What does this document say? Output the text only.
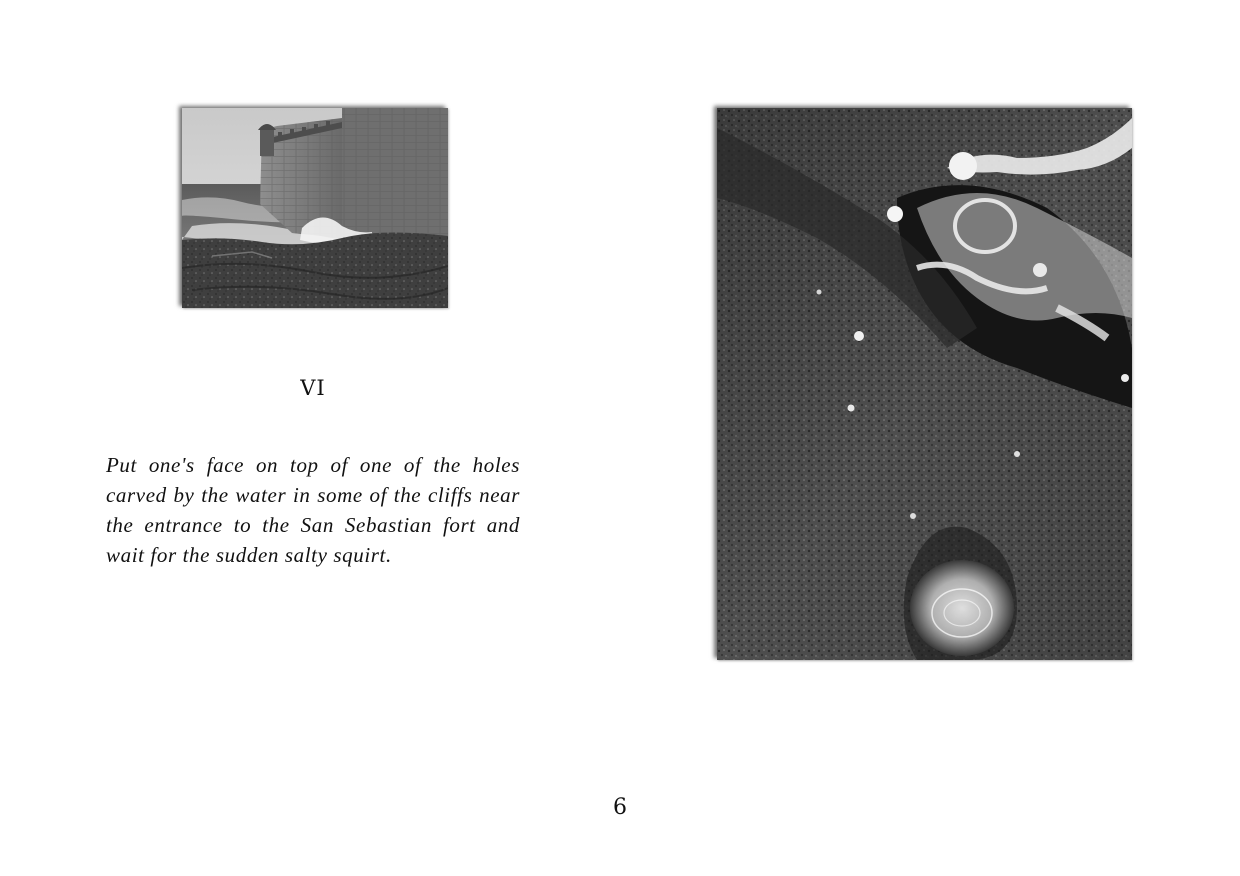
VI

Put one's face on top of one of the holes carved by the water in some of the cliffs near the entrance to the San Sebastian fort and wait for the sudden salty squirt.

6
